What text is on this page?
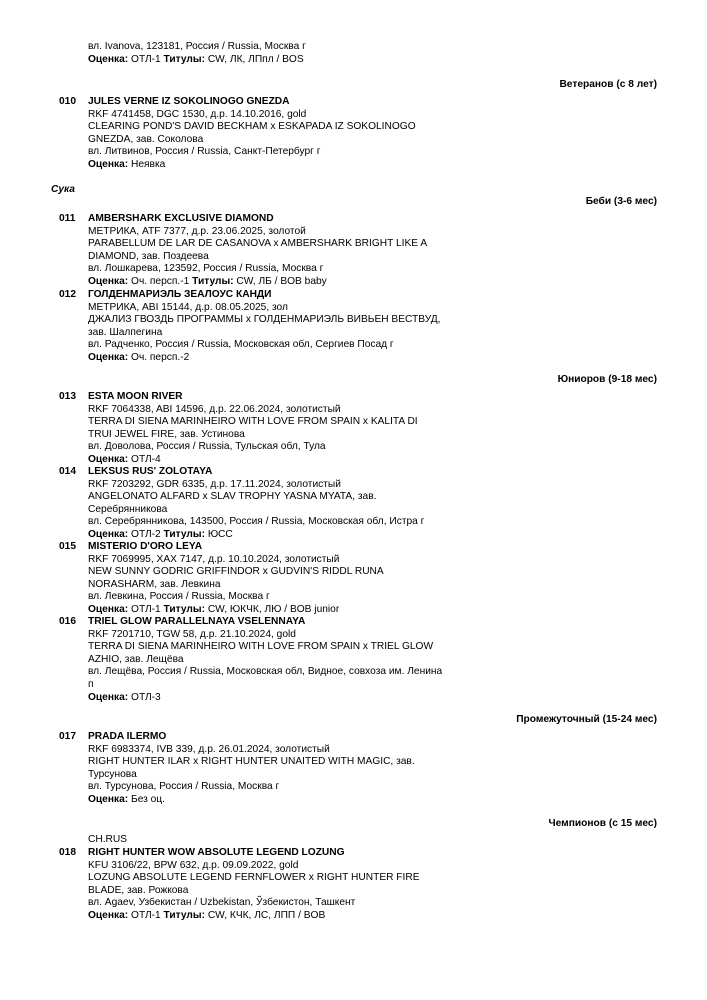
вл. Ivanova, 123181, Россия / Russia, Москва г
Оценка: ОТЛ-1 Титулы: CW, ЛК, ЛПпл / BOS
Ветеранов (с 8 лет)
010 JULES VERNE IZ SOKOLINOGO GNEZDA
RKF 4741458, DGC 1530, д.р. 14.10.2016, gold
CLEARING POND'S DAVID BECKHAM x ESKAPADA IZ SOKOLINOGO
GNEZDA, зав. Соколова
вл. Литвинов, Россия / Russia, Санкт-Петербург г
Оценка: Неявка
Сука
Беби (3-6 мес)
011 AMBERSHARK EXCLUSIVE DIAMOND
МЕТРИКА, ATF 7377, д.р. 23.06.2025, золотой
PARABELLUM DE LAR DE CASANOVA x AMBERSHARK BRIGHT LIKE A
DIAMOND, зав. Поздеева
вл. Лошкарева, 123592, Россия / Russia, Москва г
Оценка: Оч. персп.-1 Титулы: CW, ЛБ / BOB baby
012 ГОЛДЕНМАРИЭЛЬ ЗЕАЛОУС КАНДИ
МЕТРИКА, ABI 15144, д.р. 08.05.2025, зол
ДЖАЛИЗ ГВОЗДЬ ПРОГРАММЫ x ГОЛДЕНМАРИЭЛЬ ВИВЬЕН ВЕСТВУД,
зав. Шалпегина
вл. Радченко, Россия / Russia, Московская обл, Сергиев Посад г
Оценка: Оч. персп.-2
Юниоров (9-18 мес)
013 ESTA MOON RIVER
RKF 7064338, ABI 14596, д.р. 22.06.2024, золотистый
TERRA DI SIENA MARINHEIRO WITH LOVE FROM SPAIN x KALITA DI
TRUI JEWEL FIRE, зав. Устинова
вл. Доволова, Россия / Russia, Тульская обл, Тула
Оценка: ОТЛ-4
014 LEKSUS RUS' ZOLOTAYA
RKF 7203292, GDR 6335, д.р. 17.11.2024, золотистый
ANGELONATO ALFARD x SLAV TROPHY YASNA MYATA, зав.
Серебрянникова
вл. Серебрянникова, 143500, Россия / Russia, Московская обл, Истра г
Оценка: ОТЛ-2 Титулы: ЮСС
015 MISTERIO D'ORO LEYA
RKF 7069995, XAX 7147, д.р. 10.10.2024, золотистый
NEW SUNNY GODRIC GRIFFINDOR x GUDVIN'S RIDDL RUNA
NORASHARM, зав. Левкина
вл. Левкина, Россия / Russia, Москва г
Оценка: ОТЛ-1 Титулы: CW, ЮКЧК, ЛЮ / BOB junior
016 TRIEL GLOW PARALLELNAYA VSELENNAYA
RKF 7201710, TGW 58, д.р. 21.10.2024, gold
TERRA DI SIENA MARINHEIRO WITH LOVE FROM SPAIN x TRIEL GLOW
AZHIO, зав. Лещёва
вл. Лещёва, Россия / Russia, Московская обл, Видное, совхоза им. Ленина
п
Оценка: ОТЛ-3
Промежуточный (15-24 мес)
017 PRADA ILERMO
RKF 6983374, IVB 339, д.р. 26.01.2024, золотистый
RIGHT HUNTER ILAR x RIGHT HUNTER UNAITED WITH MAGIC, зав.
Турсунова
вл. Турсунова, Россия / Russia, Москва г
Оценка: Без оц.
Чемпионов (с 15 мес)
CH.RUS
018 RIGHT HUNTER WOW ABSOLUTE LEGEND LOZUNG
KFU 3106/22, BPW 632, д.р. 09.09.2022, gold
LOZUNG ABSOLUTE LEGEND FERNFLOWER x RIGHT HUNTER FIRE
BLADE, зав. Рожкова
вл. Agaev, Узбекистан / Uzbekistan, Ўзбекистон, Ташкент
Оценка: ОТЛ-1 Титулы: CW, КЧК, ЛС, ЛПП / BOB
